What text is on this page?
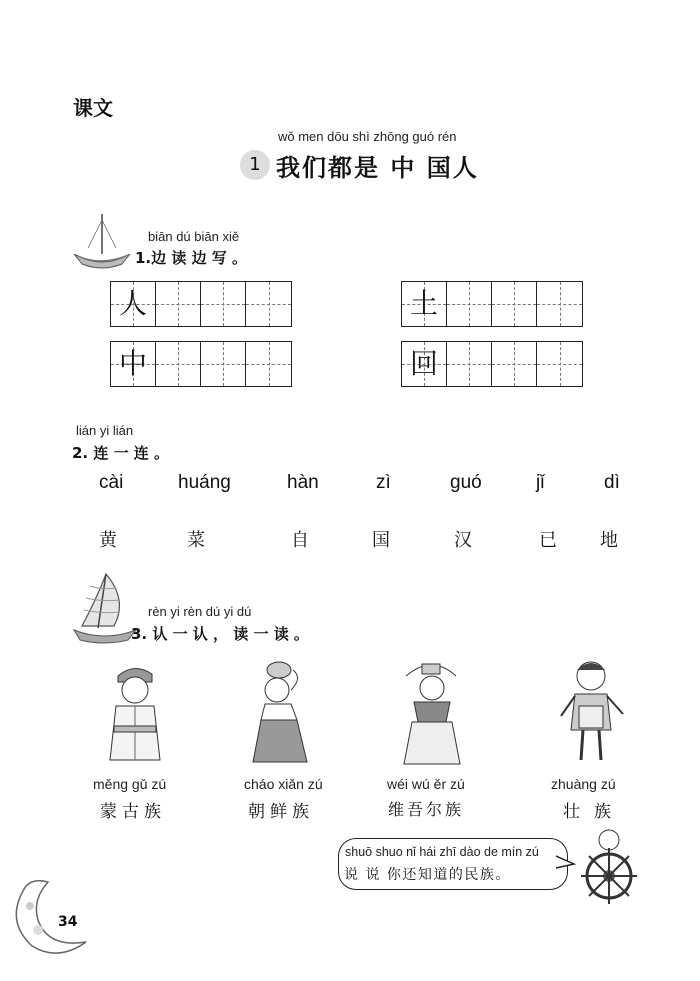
课文
wǒ men dōu shì zhōng guó rén
1 我们都是 中 国人
biān dú biān xiě
1.边 读 边 写 。
人	土
中	回
lián yi lián
2. 连 一 连 。
cài	huáng	hàn	zì	guó	jǐ	dì
黄	菜	自	国	汉	已 地
rèn yi rèn dú yi dú
3. 认 一 认 ， 读 一 读 。
měng gǔ zú	cháo xiǎn zú	wéi wú ěr zú	zhuàng zú
蒙古族	朝鲜族	维吾尔族	壮族
shuō shuo nǐ hái zhī dào de mín zú
说 说 你还知道的民族。
34
